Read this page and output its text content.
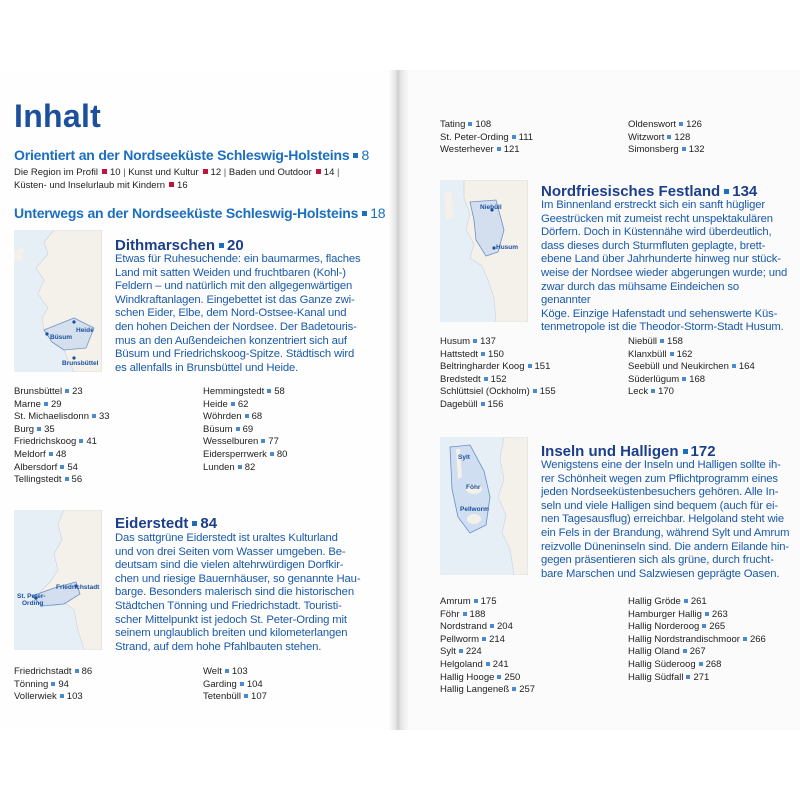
Inhalt
Orientiert an der Nordseeküste Schleswig-Holsteins 8
Die Region im Profil 10 | Kunst und Kultur 12 | Baden und Outdoor 14 |
Küsten- und Inselurlaub mit Kindern 16
Unterwegs an der Nordseeküste Schleswig-Holsteins 18
Heide
Büsum
Brunsbüttel
Dithmarschen 20
Etwas für Ruhesuchende: ein baumarmes, flaches
Land mit satten Weiden und fruchtbaren (Kohl-)
Feldern – und natürlich mit den allgegenwärtigen
Windkraftanlagen. Eingebettet ist das Ganze zwi-
schen Eider, Elbe, dem Nord-Ostsee-Kanal und
den hohen Deichen der Nordsee. Der Badetouris-
mus an den Außendeichen konzentriert sich auf
Büsum und Friedrichskoog-Spitze. Städtisch wird
es allenfalls in Brunsbüttel und Heide.
Brunsbüttel 23
Marne 29
St. Michaelisdonn 33
Burg 35
Friedrichskoog 41
Meldorf 48
Albersdorf 54
Tellingstedt 56
Hemmingstedt 58
Heide 62
Wöhrden 68
Büsum 69
Wesselburen 77
Eidersperrwerk 80
Lunden 82
Friedrichstadt
St. Peter-
Ording
Eiderstedt 84
Das sattgrüne Eiderstedt ist uraltes Kulturland
und von drei Seiten vom Wasser umgeben. Be-
deutsam sind die vielen altehrwürdigen Dorfkir-
chen und riesige Bauernhäuser, so genannte Hau-
barge. Besonders malerisch sind die historischen
Städtchen Tönning und Friedrichstadt. Touristi-
scher Mittelpunkt ist jedoch St. Peter-Ording mit
seinem unglaublich breiten und kilometerlangen
Strand, auf dem hohe Pfahlbauten stehen.
Friedrichstadt 86
Tönning 94
Vollerwiek 103
Welt 103
Garding 104
Tetenbüll 107
Tating 108
St. Peter-Ording 111
Westerhever 121
Oldenswort 126
Witzwort 128
Simonsberg 132
Niebüll
Husum
Nordfriesisches Festland 134
Im Binnenland erstreckt sich ein sanft hügliger
Geestrücken mit zumeist recht unspektakulären
Dörfern. Doch in Küstennähe wird überdeutlich,
dass dieses durch Sturmfluten geplagte, brett-
ebene Land über Jahrhunderte hinweg nur stück-
weise der Nordsee wieder abgerungen wurde; und
zwar durch das mühsame Eindeichen so genannter
Köge. Einzige Hafenstadt und sehenswerte Küs-
tenmetropole ist die Theodor-Storm-Stadt Husum.
Husum 137
Hattstedt 150
Beltringharder Koog 151
Bredstedt 152
Schlüttsiel (Ockholm) 155
Dagebüll 156
Niebüll 158
Klanxbüll 162
Seebüll und Neukirchen 164
Süderlügum 168
Leck 170
Sylt
Föhr
Pellworm
Inseln und Halligen 172
Wenigstens eine der Inseln und Halligen sollte ih-
rer Schönheit wegen zum Pflichtprogramm eines
jeden Nordseeküstenbesuchers gehören. Alle In-
seln und viele Halligen sind bequem (auch für ei-
nen Tagesausflug) erreichbar. Helgoland steht wie
ein Fels in der Brandung, während Sylt und Amrum
reizvolle Düneninseln sind. Die andern Eilande hin-
gegen präsentieren sich als grüne, durch frucht-
bare Marschen und Salzwiesen geprägte Oasen.
Amrum 175
Föhr 188
Nordstrand 204
Pellworm 214
Sylt 224
Helgoland 241
Hallig Hooge 250
Hallig Langeneß 257
Hallig Gröde 261
Hamburger Hallig 263
Hallig Norderoog 265
Hallig Nordstrandischmoor 266
Hallig Oland 267
Hallig Süderoog 268
Hallig Südfall 271
